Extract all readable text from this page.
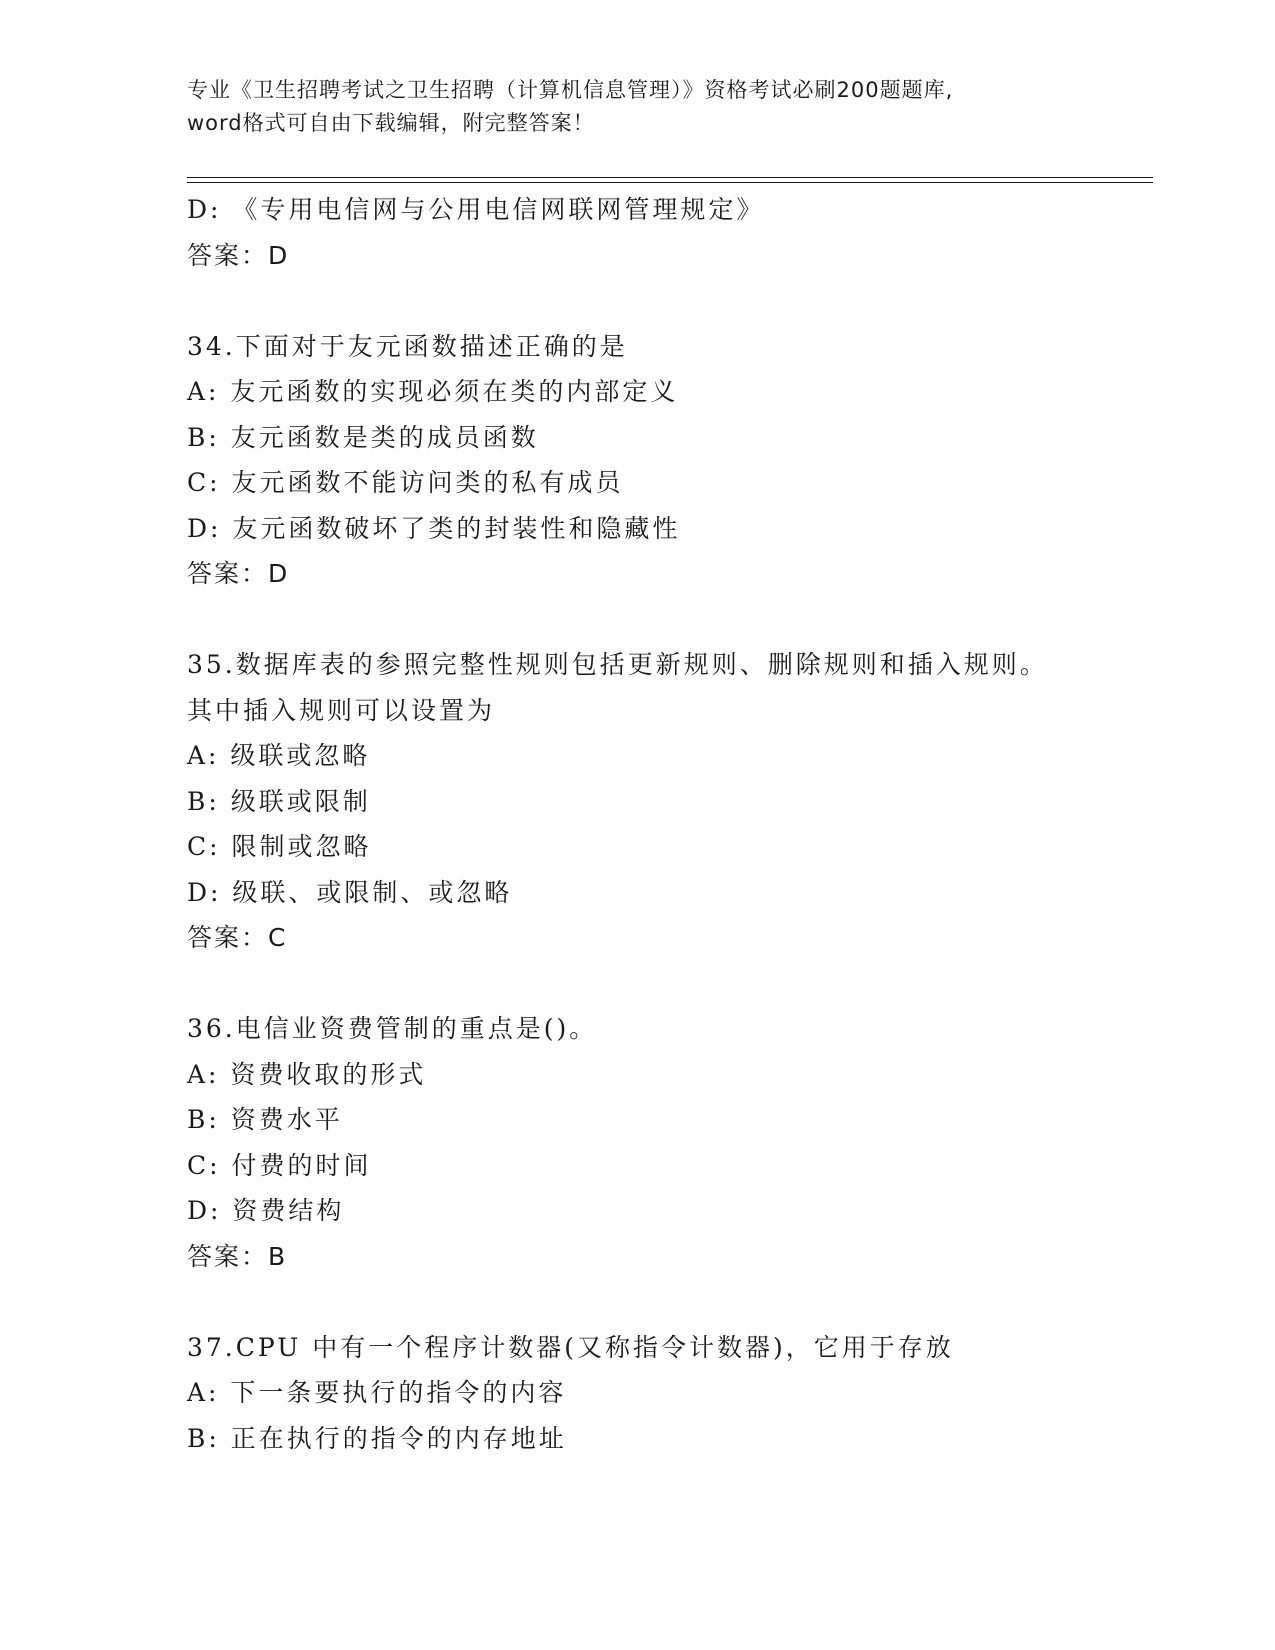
专业《卫生招聘考试之卫生招聘（计算机信息管理）》资格考试必刷200题题库,

word格式可自由下载编辑，附完整答案！

D: 《专用电信网与公用电信网联网管理规定》

答案：D

34.下面对于友元函数描述正确的是

A: 友元函数的实现必须在类的内部定义

B: 友元函数是类的成员函数

C: 友元函数不能访问类的私有成员

D: 友元函数破坏了类的封装性和隐藏性

答案：D

35.数据库表的参照完整性规则包括更新规则、删除规则和插入规则。

其中插入规则可以设置为

A: 级联或忽略

B: 级联或限制

C: 限制或忽略

D: 级联、或限制、或忽略

答案：C

36.电信业资费管制的重点是()。

A: 资费收取的形式

B: 资费水平

C: 付费的时间

D: 资费结构

答案：B

37.CPU 中有一个程序计数器(又称指令计数器)，它用于存放

A: 下一条要执行的指令的内容

B: 正在执行的指令的内存地址
